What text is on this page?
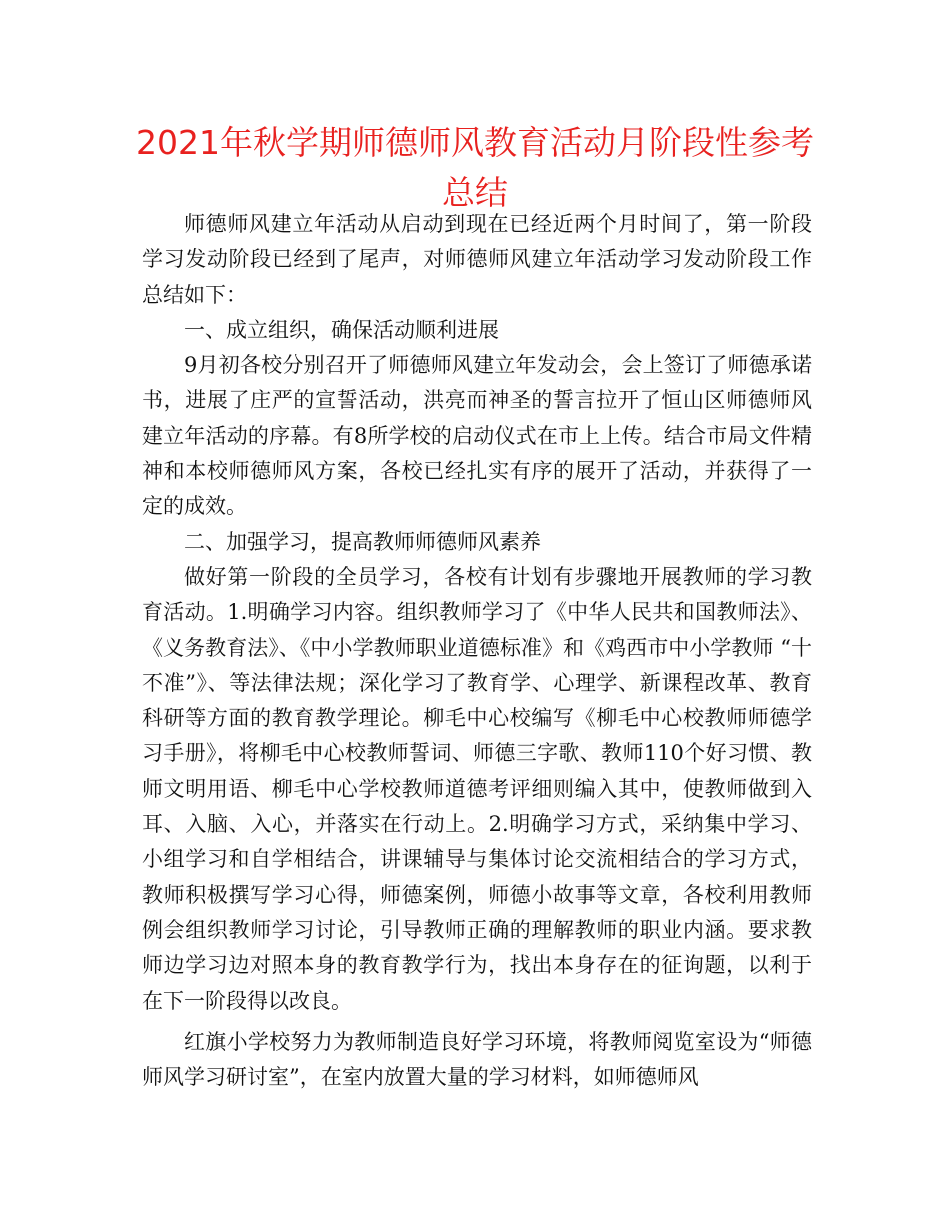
2021年秋学期师德师风教育活动月阶段性参考
总结

师德师风建立年活动从启动到现在已经近两个月时间了，第一阶段学习发动阶段已经到了尾声，对师德师风建立年活动学习发动阶段工作总结如下：

一、成立组织，确保活动顺利进展

9月初各校分别召开了师德师风建立年发动会，会上签订了师德承诺书，进展了庄严的宣誓活动，洪亮而神圣的誓言拉开了恒山区师德师风建立年活动的序幕。有8所学校的启动仪式在市上上传。结合市局文件精神和本校师德师风方案，各校已经扎实有序的展开了活动，并获得了一定的成效。

二、加强学习，提高教师师德师风素养

做好第一阶段的全员学习，各校有计划有步骤地开展教师的学习教育活动。1.明确学习内容。组织教师学习了《中华人民共和国教师法》、《义务教育法》、《中小学教师职业道德标准》和《鸡西市中小学教师 “十不准”》、等法律法规；深化学习了教育学、心理学、新课程改革、教育科研等方面的教育教学理论。柳毛中心校编写《柳毛中心校教师师德学习手册》，将柳毛中心校教师誓词、师德三字歌、教师110个好习惯、教师文明用语、柳毛中心学校教师道德考评细则编入其中，使教师做到入耳、入脑、入心，并落实在行动上。2.明确学习方式，采纳集中学习、小组学习和自学相结合，讲课辅导与集体讨论交流相结合的学习方式，教师积极撰写学习心得，师德案例，师德小故事等文章，各校利用教师例会组织教师学习讨论，引导教师正确的理解教师的职业内涵。要求教师边学习边对照本身的教育教学行为，找出本身存在的征询题，以利于在下一阶段得以改良。

红旗小学校努力为教师制造良好学习环境，将教师阅览室设为“师德师风学习研讨室”，在室内放置大量的学习材料，如师德师风
